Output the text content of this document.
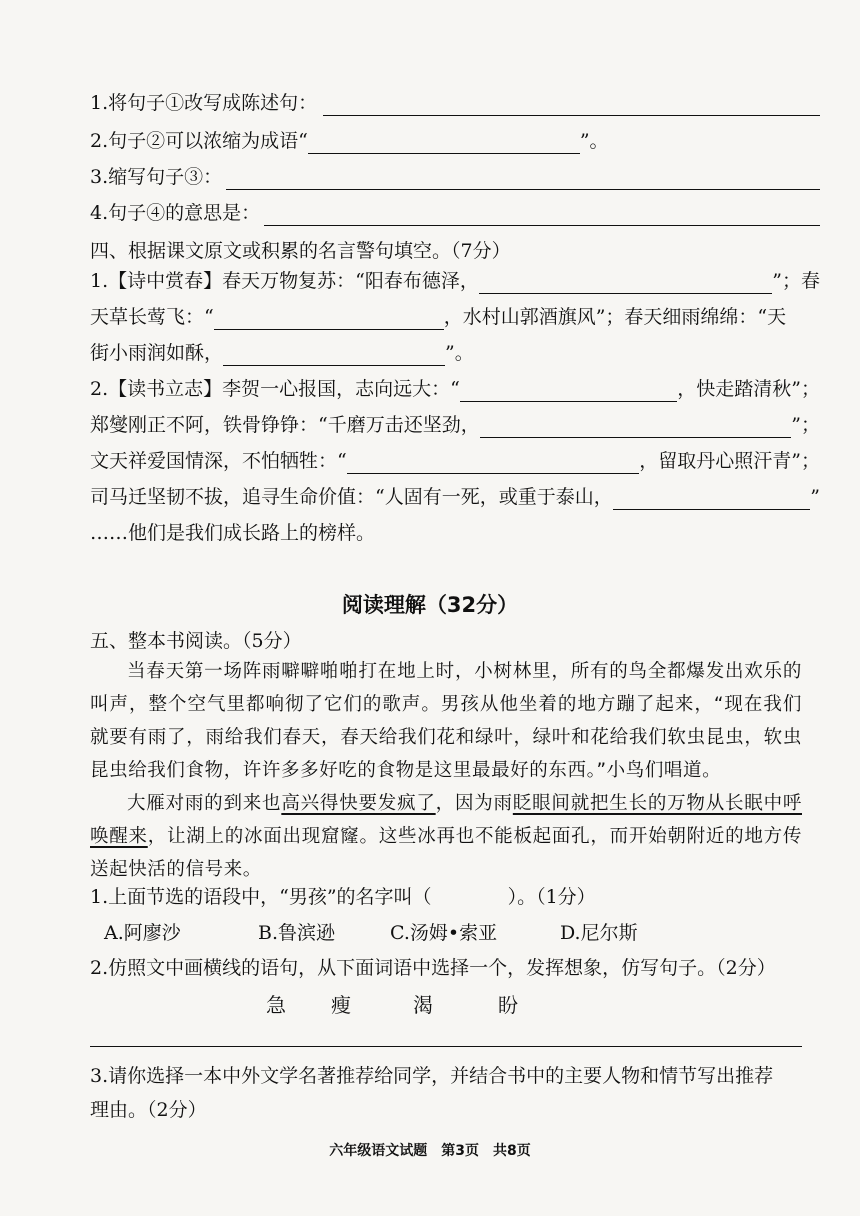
1.将句子①改写成陈述句：
2.句子②可以浓缩为成语“	”。
3.缩写句子③：
4.句子④的意思是：
四、根据课文原文或积累的名言警句填空。（7分）
1.【诗中赏春】春天万物复苏：“阳春布德泽，	”；春
天草长莺飞：“	，水村山郭酒旗风”；春天细雨绵绵：“天
街小雨润如酥，	”。
2.【读书立志】李贺一心报国，志向远大：“	，快走踏清秋”；
郑燮刚正不阿，铁骨铮铮：“千磨万击还坚劲，	”；
文天祥爱国情深，不怕牺牲：“	，留取丹心照汗青”；
司马迁坚韧不拔，追寻生命价值：“人固有一死，或重于泰山，	”
……他们是我们成长路上的榜样。
阅读理解（32分）
五、整本书阅读。（5分）
当春天第一场阵雨噼噼啪啪打在地上时，小树林里，所有的鸟全都爆发出欢乐的叫声，整个空气里都响彻了它们的歌声。男孩从他坐着的地方蹦了起来，“现在我们就要有雨了，雨给我们春天，春天给我们花和绿叶，绿叶和花给我们软虫昆虫，软虫昆虫给我们食物，许许多多好吃的食物是这里最最好的东西。”小鸟们唱道。
大雁对雨的到来也高兴得快要发疯了，因为雨眨眼间就把生长的万物从长眠中呼唤醒来，让湖上的冰面出现窟窿。这些冰再也不能板起面孔，而开始朝附近的地方传送起快活的信号来。
1.上面节选的语段中，“男孩”的名字叫（	）。（1分）
A.阿廖沙	B.鲁滨逊	C.汤姆•索亚	D.尼尔斯
2.仿照文中画横线的语句，从下面词语中选择一个，发挥想象，仿写句子。（2分）
急 瘦	渴	盼
3.请你选择一本中外文学名著推荐给同学，并结合书中的主要人物和情节写出推荐
理由。（2分）
六年级语文试题　第3页　共8页
